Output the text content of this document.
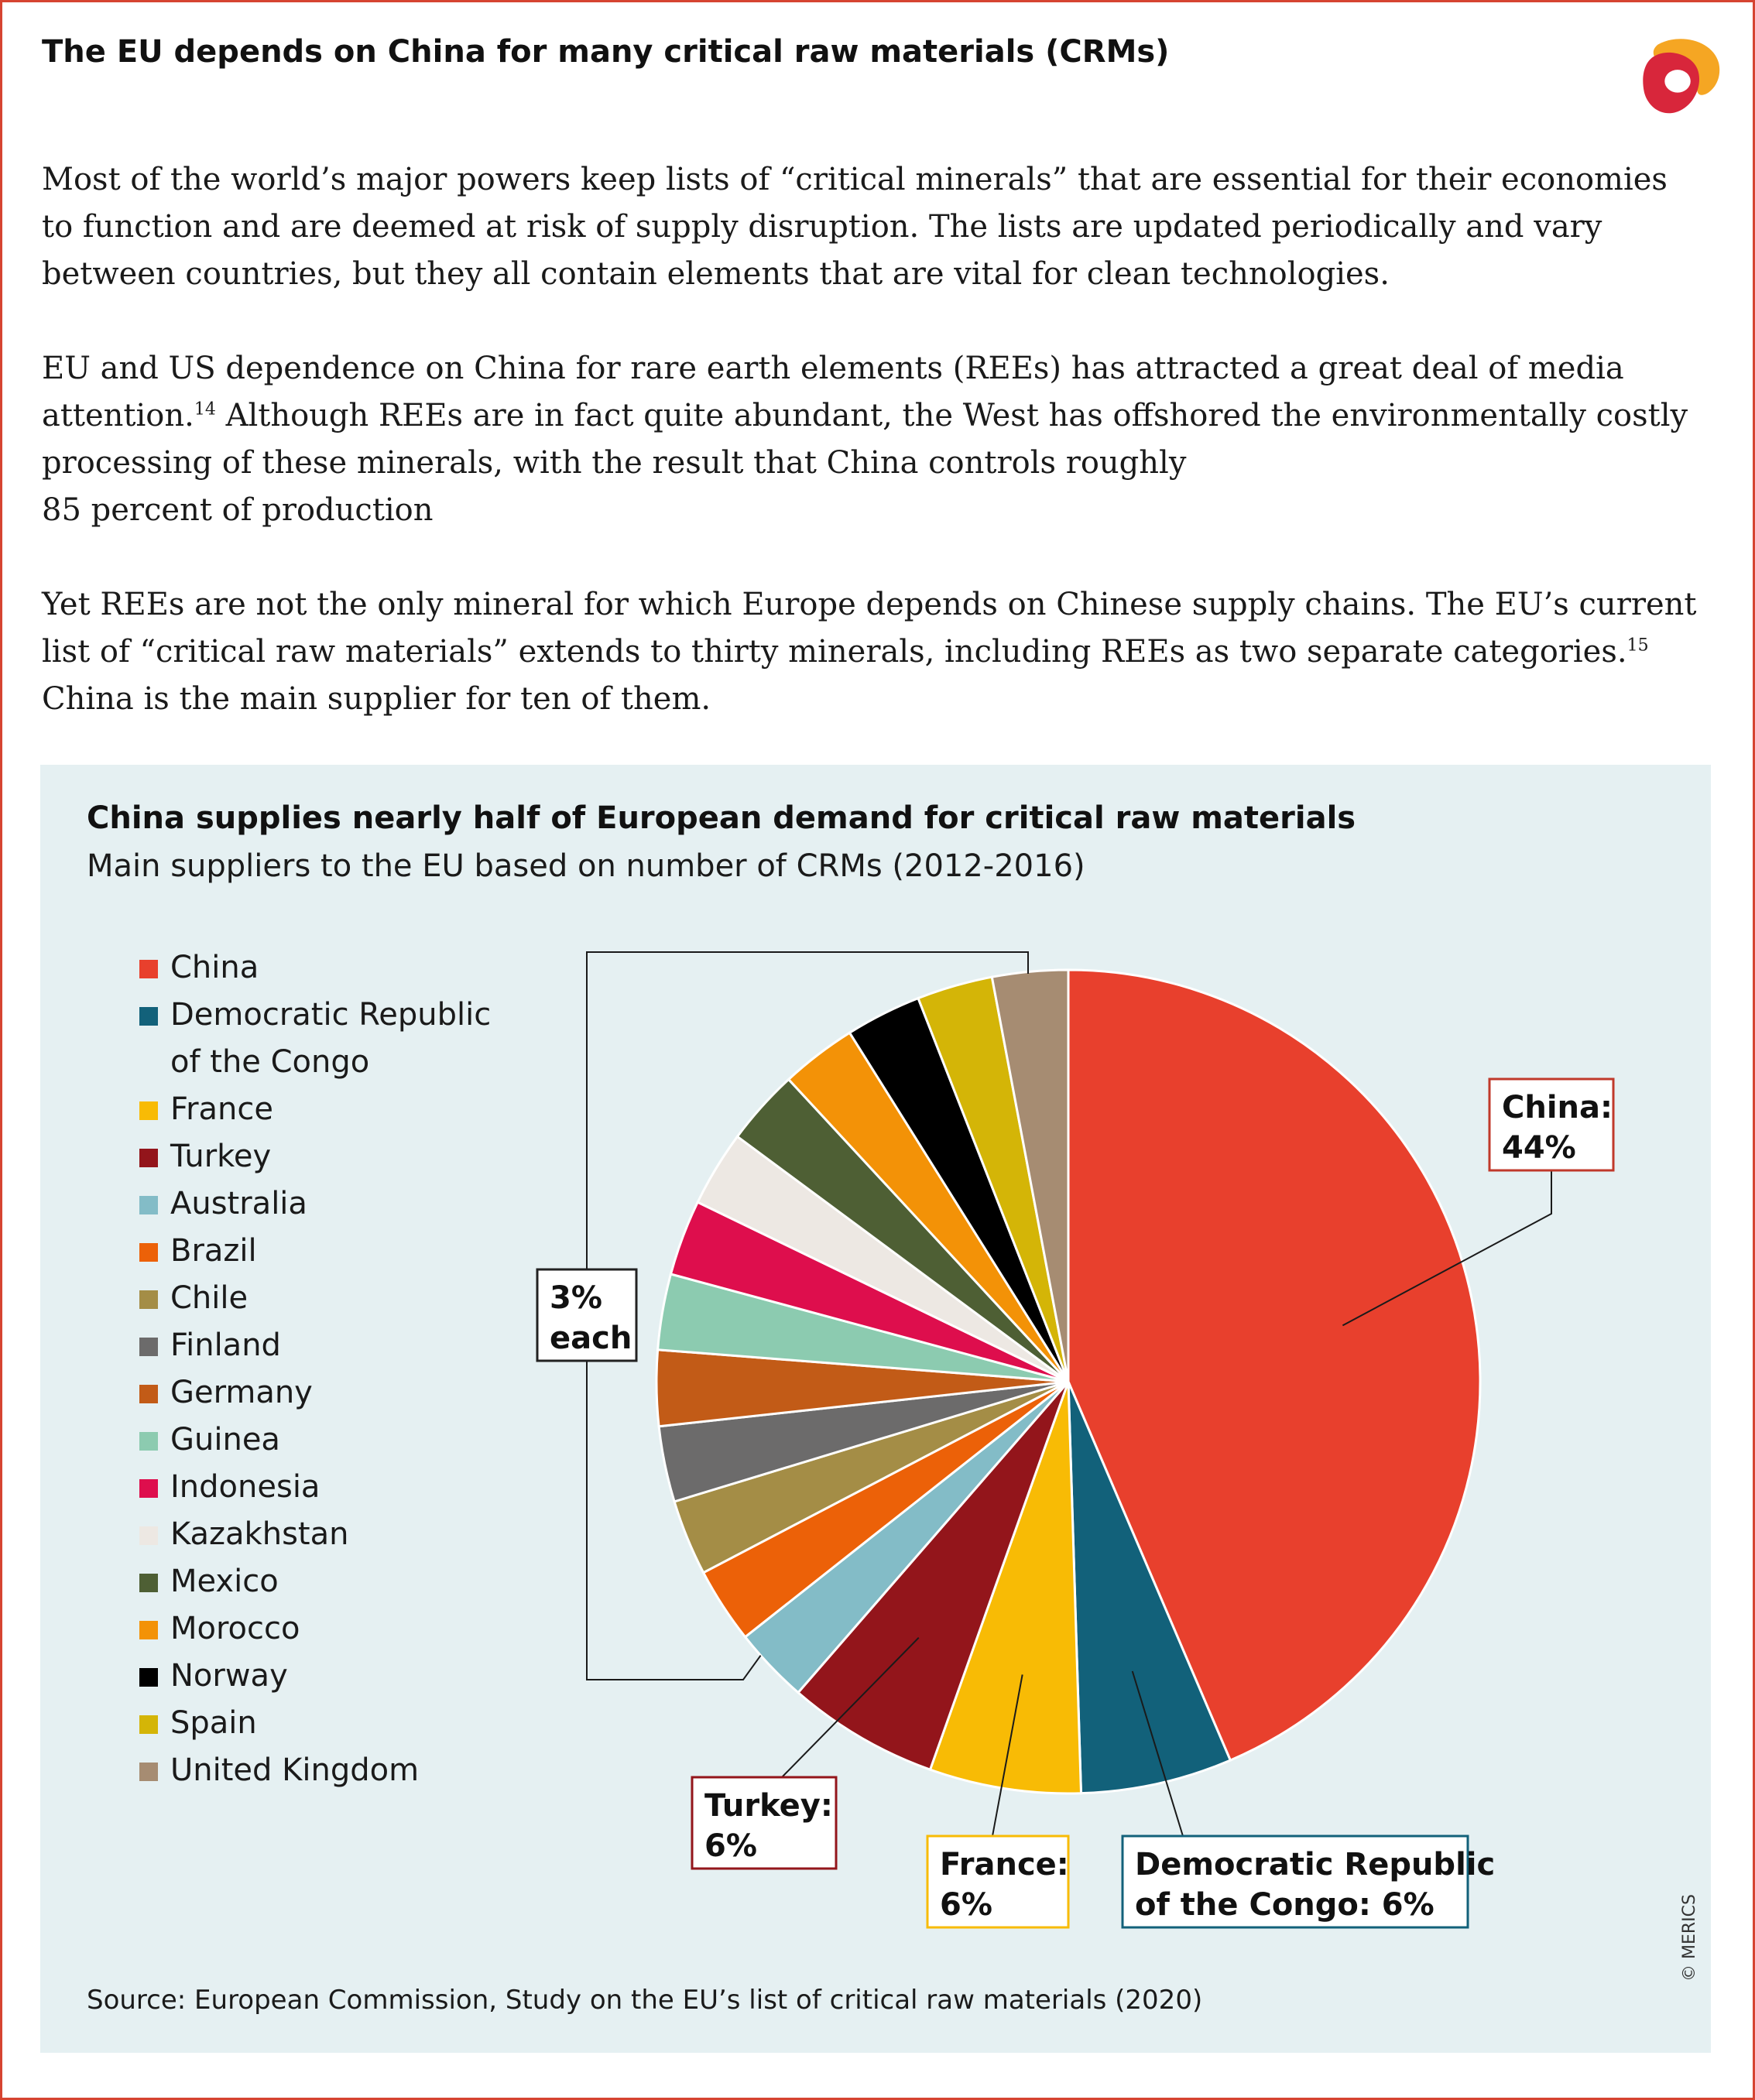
The EU depends on China for many critical raw materials (CRMs)
Most of the world’s major powers keep lists of “critical minerals” that are essential for their economies to function and are deemed at risk of supply disruption. The lists are updated periodically and vary between countries, but they all contain elements that are vital for clean technologies.
EU and US dependence on China for rare earth elements (REEs) has attracted a great deal of media attention.$^{14}$ Although REEs are in fact quite abundant, the West has offshored the environmentally costly processing of these minerals, with the result that China controls roughly
85 percent of production
Yet REEs are not the only mineral for which Europe depends on Chinese supply chains. The EU’s current list of “critical raw materials” extends to thirty minerals, including REEs as two separate categories.$^{15}$
China is the main supplier for ten of them.
China supplies nearly half of European demand for critical raw materials
Main suppliers to the EU based on number of CRMs (2012-2016)
China
Democratic Republic of the Congo
France
Turkey
Australia
Brazil
Chile
Finland
Germany
Guinea
Indonesia
Kazakhstan
Mexico
Morocco
Norway
Spain
United Kingdom
China:
44%
Democratic Republic
of the Congo: 6%
France:
6%
Turkey:
6%
3%
each
Source: European Commission, Study on the EU’s list of critical raw materials (2020)
© MERICS
